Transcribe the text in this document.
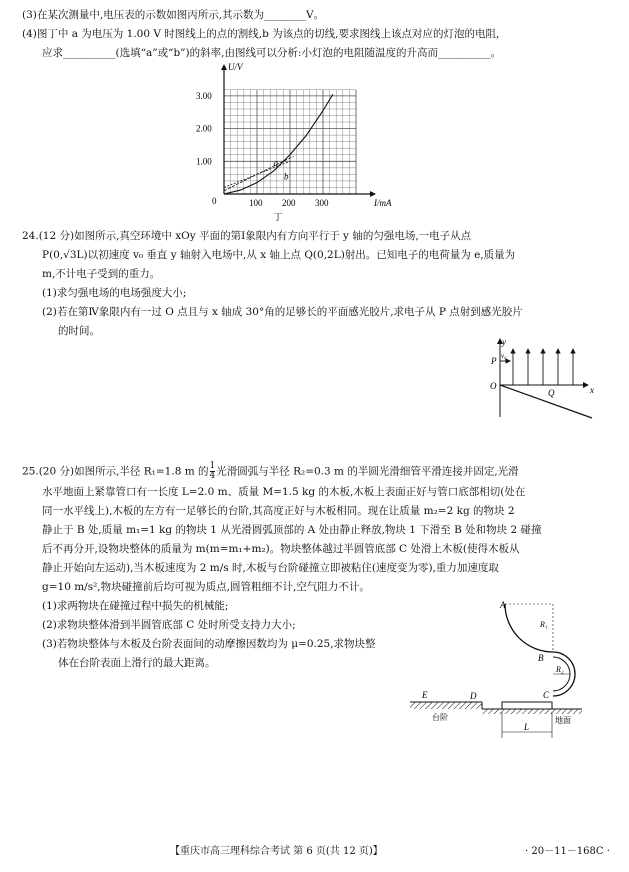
(3)在某次测量中,电压表的示数如图丙所示,其示数为________V。
(4)图丁中 a 为电压为 1.00 V 时图线上的点的割线,b 为该点的切线,要求图线上该点对应的灯泡的电阻,
应求__________(选填“a”或“b”)的斜率,由图线可以分析:小灯泡的电阻随温度的升高而__________。
1.00
2.00
3.00
100 200 300
0
U/V
I/mA
丁
a
b
24.(12 分)如图所示,真空环境中 xOy 平面的第Ⅰ象限内有方向平行于 y 轴的匀强电场,一电子从点
P(0,√3L)以初速度 v₀ 垂直 y 轴射入电场中,从 x 轴上点 Q(0,2L)射出。已知电子的电荷量为 e,质量为
m,不计电子受到的重力。
(1)求匀强电场的电场强度大小;
(2)若在第Ⅳ象限内有一过 O 点且与 x 轴成 30°角的足够长的平面感光胶片,求电子从 P 点射到感光胶片
的时间。
y
x
O
P v₀
Q
25.(20 分)如图所示,半径 R₁=1.8 m 的 $\frac{1}{4}$ 光滑圆弧与半径 R₂=0.3 m 的半圆光滑细管平滑连接并固定,光滑
水平地面上紧靠管口有一长度 L=2.0 m、质量 M=1.5 kg 的木板,木板上表面正好与管口底部相切(处在
同一水平线上),木板的左方有一足够长的台阶,其高度正好与木板相同。现在让质量 m₂=2 kg 的物块 2
静止于 B 处,质量 m₁=1 kg 的物块 1 从光滑圆弧顶部的 A 处由静止释放,物块 1 下滑至 B 处和物块 2 碰撞
后不再分开,设物块整体的质量为 m(m=m₁+m₂)。物块整体越过半圆管底部 C 处滑上木板(使得木板从
静止开始向左运动),当木板速度为 2 m/s 时,木板与台阶碰撞立即被粘住(速度变为零),重力加速度取
g=10 m/s²,物块碰撞前后均可视为质点,圆管粗细不计,空气阻力不计。
(1)求两物块在碰撞过程中损失的机械能;
(2)求物块整体滑到半圆管底部 C 处时所受支持力大小;
(3)若物块整体与木板及台阶表面间的动摩擦因数均为 μ=0.25,求物块整
体在台阶表面上滑行的最大距离。
A
B
C
D
E
R₁
R₂
L
台阶	地面
【重庆市高三理科综合考试 第 6 页(共 12 页)】	· 20－11－168C ·
